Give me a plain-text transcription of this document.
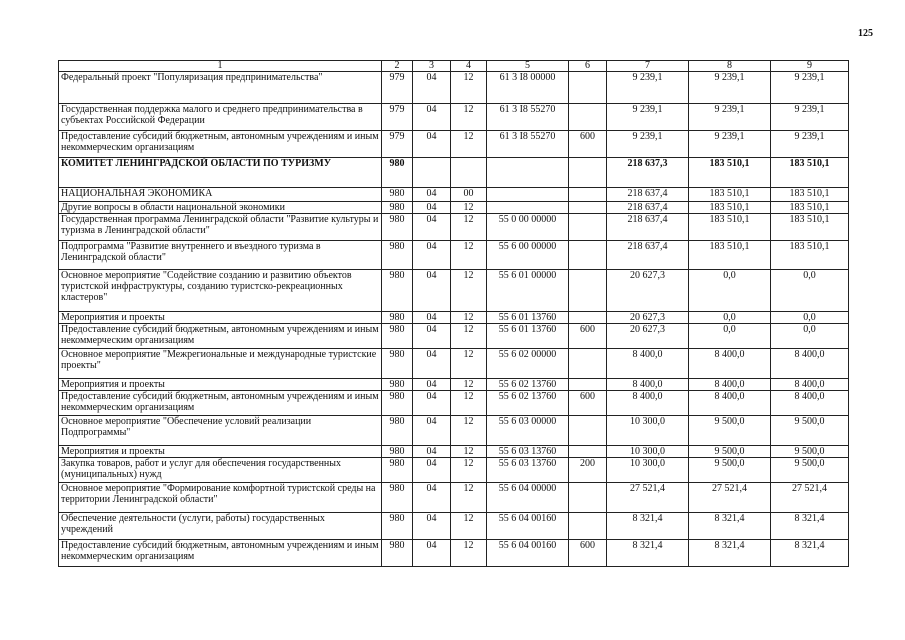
125
1	2	3	4	5	6	7	8	9
Федеральный проект "Популяризация предпринимательства"	979	04	12	61 3 I8 00000		9 239,1	9 239,1	9 239,1
Государственная поддержка малого и среднего предпринимательства в субъектах Российской Федерации	979	04	12	61 3 I8 55270		9 239,1	9 239,1	9 239,1
Предоставление субсидий бюджетным, автономным учреждениям и иным некоммерческим организациям	979	04	12	61 3 I8 55270	600	9 239,1	9 239,1	9 239,1
КОМИТЕТ ЛЕНИНГРАДСКОЙ ОБЛАСТИ ПО ТУРИЗМУ	980					218 637,3	183 510,1	183 510,1
НАЦИОНАЛЬНАЯ ЭКОНОМИКА	980	04	00			218 637,4	183 510,1	183 510,1
Другие вопросы в области национальной экономики	980	04	12			218 637,4	183 510,1	183 510,1
Государственная программа Ленинградской области "Развитие культуры и туризма в Ленинградской области"	980	04	12	55 0 00 00000		218 637,4	183 510,1	183 510,1
Подпрограмма "Развитие внутреннего и въездного туризма в Ленинградской области"	980	04	12	55 6 00 00000		218 637,4	183 510,1	183 510,1
Основное мероприятие "Содействие созданию и развитию объектов туристской инфраструктуры, созданию туристско-рекреационных кластеров"	980	04	12	55 6 01 00000		20 627,3	0,0	0,0
Мероприятия и проекты	980	04	12	55 6 01 13760		20 627,3	0,0	0,0
Предоставление субсидий бюджетным, автономным учреждениям и иным некоммерческим организациям	980	04	12	55 6 01 13760	600	20 627,3	0,0	0,0
Основное мероприятие "Межрегиональные и международные туристские проекты"	980	04	12	55 6 02 00000		8 400,0	8 400,0	8 400,0
Мероприятия и проекты	980	04	12	55 6 02 13760		8 400,0	8 400,0	8 400,0
Предоставление субсидий бюджетным, автономным учреждениям и иным некоммерческим организациям	980	04	12	55 6 02 13760	600	8 400,0	8 400,0	8 400,0
Основное мероприятие "Обеспечение условий реализации Подпрограммы"	980	04	12	55 6 03 00000		10 300,0	9 500,0	9 500,0
Мероприятия и проекты	980	04	12	55 6 03 13760		10 300,0	9 500,0	9 500,0
Закупка товаров, работ и услуг для обеспечения государственных (муниципальных) нужд	980	04	12	55 6 03 13760	200	10 300,0	9 500,0	9 500,0
Основное мероприятие "Формирование комфортной туристской среды на территории Ленинградской области"	980	04	12	55 6 04 00000		27 521,4	27 521,4	27 521,4
Обеспечение деятельности (услуги, работы) государственных учреждений	980	04	12	55 6 04 00160		8 321,4	8 321,4	8 321,4
Предоставление субсидий бюджетным, автономным учреждениям и иным некоммерческим организациям	980	04	12	55 6 04 00160	600	8 321,4	8 321,4	8 321,4
